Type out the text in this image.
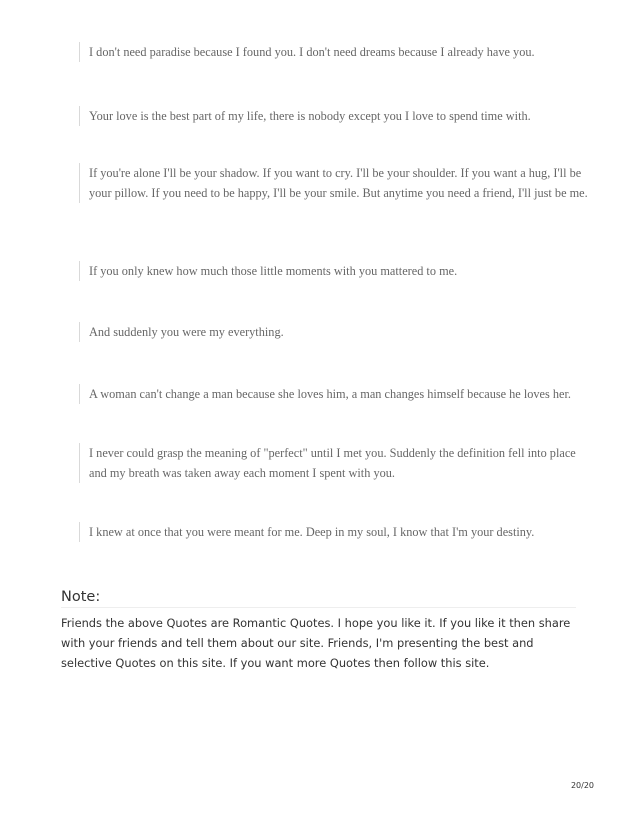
I don't need paradise because I found you. I don't need dreams because I already have you.
Your love is the best part of my life, there is nobody except you I love to spend time with.
If you're alone I'll be your shadow. If you want to cry. I'll be your shoulder. If you want a hug, I'll be your pillow. If you need to be happy, I'll be your smile. But anytime you need a friend, I'll just be me.
If you only knew how much those little moments with you mattered to me.
And suddenly you were my everything.
A woman can't change a man because she loves him, a man changes himself because he loves her.
I never could grasp the meaning of "perfect" until I met you. Suddenly the definition fell into place and my breath was taken away each moment I spent with you.
I knew at once that you were meant for me. Deep in my soul, I know that I'm your destiny.
Note:
Friends the above Quotes are Romantic Quotes. I hope you like it. If you like it then share with your friends and tell them about our site. Friends, I'm presenting the best and selective Quotes on this site. If you want more Quotes then follow this site.
20/20
